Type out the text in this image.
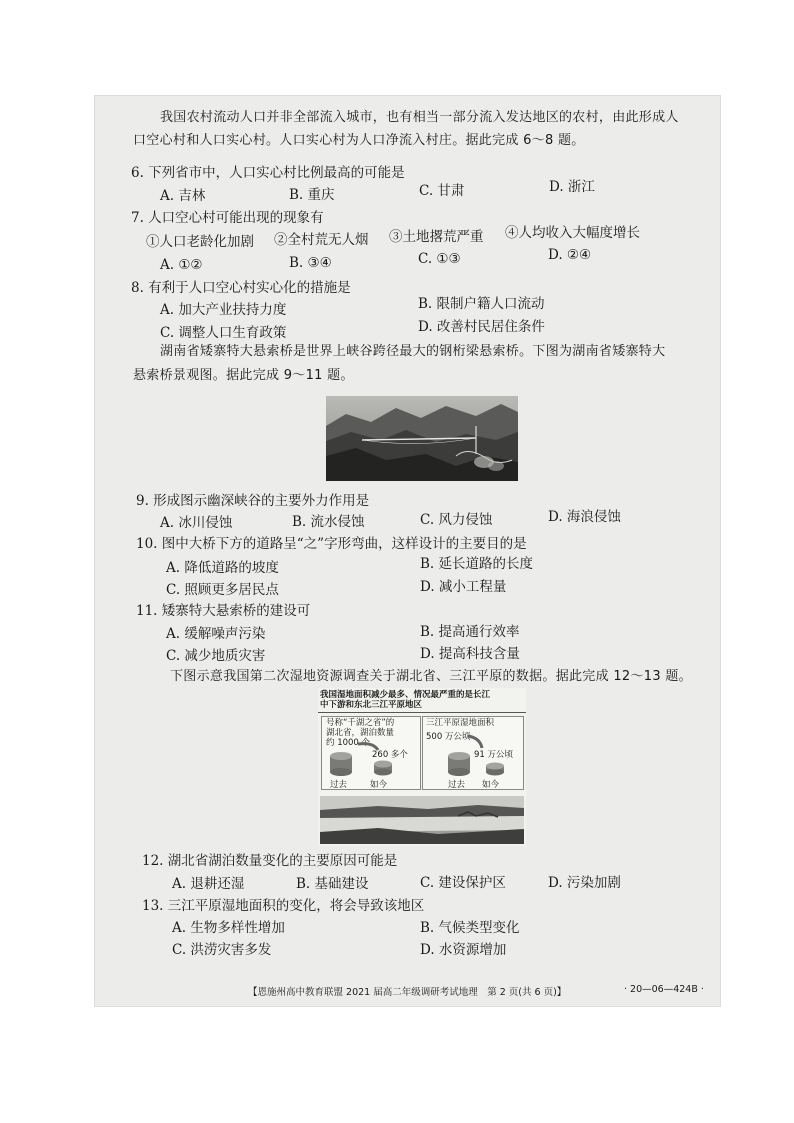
我国农村流动人口并非全部流入城市，也有相当一部分流入发达地区的农村，由此形成人
口空心村和人口实心村。人口实心村为人口净流入村庄。据此完成 6～8 题。
6. 下列省市中，人口实心村比例最高的可能是
A. 吉林	B. 重庆	C. 甘肃	D. 浙江
7. 人口空心村可能出现的现象有
①人口老龄化加剧 ②全村荒无人烟 ③土地撂荒严重 ④人均收入大幅度增长
A. ①②	B. ③④	C. ①③	D. ②④
8. 有利于人口空心村实心化的措施是
A. 加大产业扶持力度	B. 限制户籍人口流动
C. 调整人口生育政策	D. 改善村民居住条件
湖南省矮寨特大悬索桥是世界上峡谷跨径最大的钢桁梁悬索桥。下图为湖南省矮寨特大
悬索桥景观图。据此完成 9～11 题。
9. 形成图示幽深峡谷的主要外力作用是
A. 冰川侵蚀	B. 流水侵蚀	C. 风力侵蚀	D. 海浪侵蚀
10. 图中大桥下方的道路呈“之”字形弯曲，这样设计的主要目的是
A. 降低道路的坡度	B. 延长道路的长度
C. 照顾更多居民点	D. 减小工程量
11. 矮寨特大悬索桥的建设可
A. 缓解噪声污染	B. 提高通行效率
C. 减少地质灾害	D. 提高科技含量
下图示意我国第二次湿地资源调查关于湖北省、三江平原的数据。据此完成 12～13 题。
我国湿地面积减少最多、情况最严重的是长江
中下游和东北三江平原地区
号称“千湖之省”的
湖北省，湖泊数量
约 1000 个
260 多个
三江平原湿地面积
500 万公顷
91 万公顷
过去	如今	过去 如今
12. 湖北省湖泊数量变化的主要原因可能是
A. 退耕还湿	B. 基础建设	C. 建设保护区	D. 污染加剧
13. 三江平原湿地面积的变化，将会导致该地区
A. 生物多样性增加	B. 气候类型变化
C. 洪涝灾害多发	D. 水资源增加
【恩施州高中教育联盟 2021 届高二年级调研考试地理　第 2 页(共 6 页)】	· 20—06—424B ·
